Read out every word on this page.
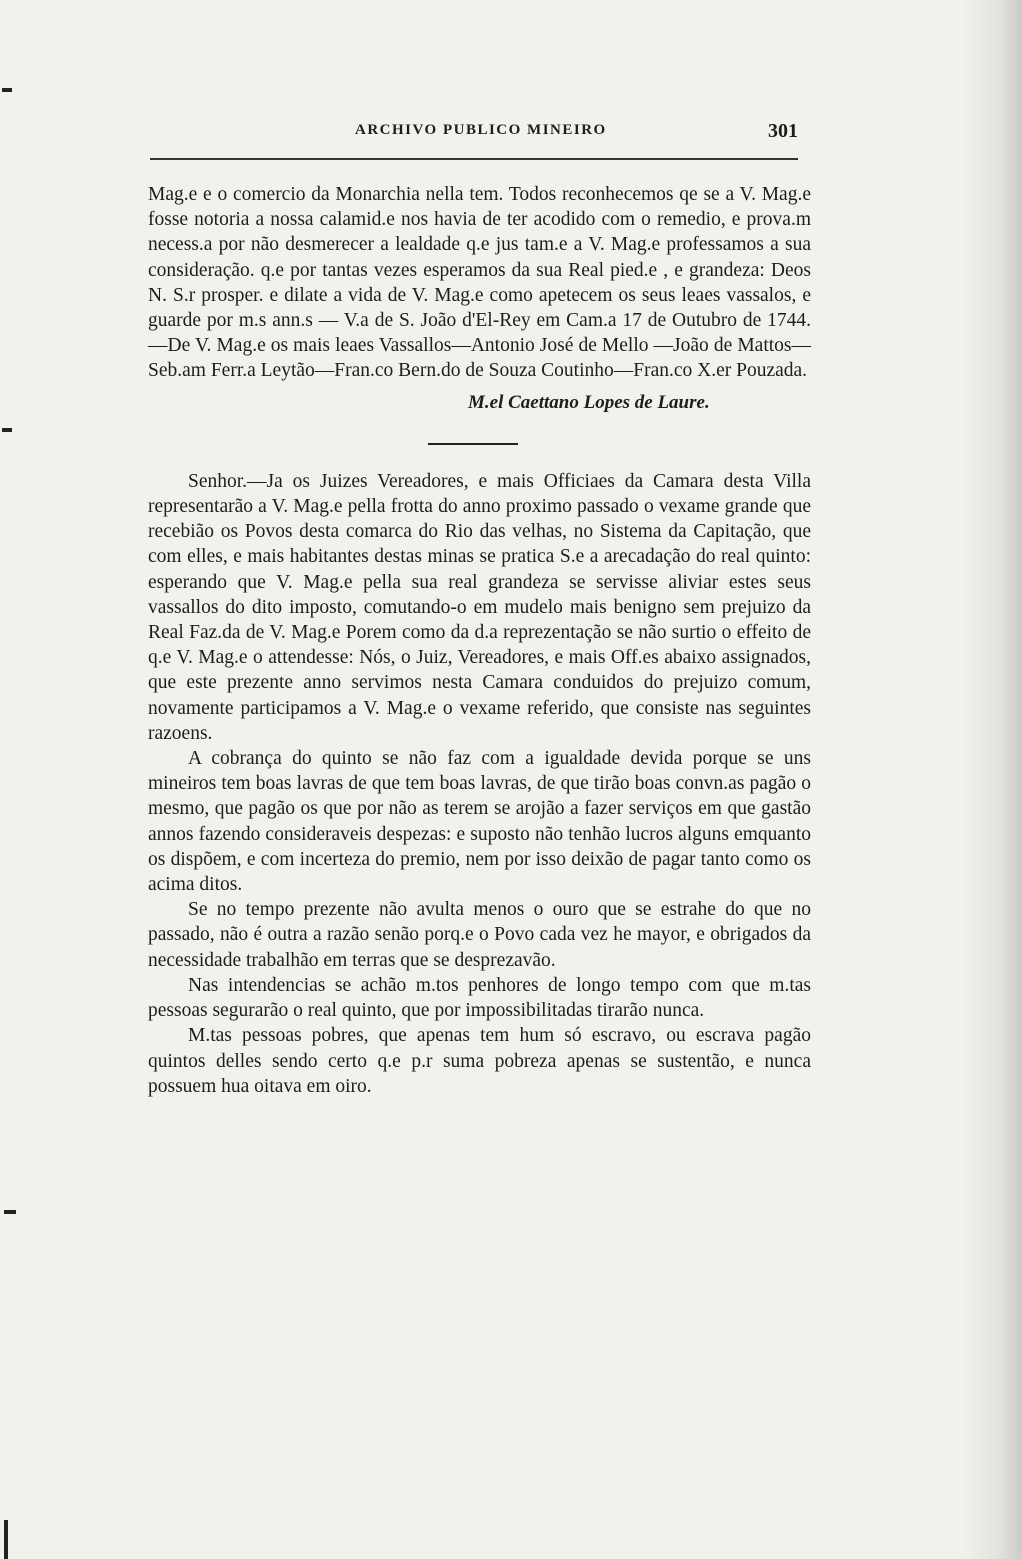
ARCHIVO PUBLICO MINEIRO	301

Mag.e e o comercio da Monarchia nella tem. Todos reconhecemos qe se a V. Mag.e fosse notoria a nossa calamid.e nos havia de ter acodido com o remedio, e prova.m necess.a por não desmerecer a lealdade q.e jus tam.e a V. Mag.e professamos a sua consideração. q.e por tantas vezes esperamos da sua Real pied.e , e grandeza: Deos N. S.r prosper. e dilate a vida de V. Mag.e como apetecem os seus leaes vassalos, e guarde por m.s ann.s — V.a de S. João d'El-Rey em Cam.a 17 de Outubro de 1744.—De V. Mag.e os mais leaes Vassallos—Antonio José de Mello —João de Mattos—Seb.am Ferr.a Leytão—Fran.co Bern.do de Souza Coutinho—Fran.co X.er Pouzada.

M.el Caettano Lopes de Laure.

Senhor.—Ja os Juizes Vereadores, e mais Officiaes da Camara desta Villa representarão a V. Mag.e pella frotta do anno proximo passado o vexame grande que recebião os Povos desta comarca do Rio das velhas, no Sistema da Capitação, que com elles, e mais habitantes destas minas se pratica S.e a arecadação do real quinto: esperando que V. Mag.e pella sua real grandeza se servisse aliviar estes seus vassallos do dito imposto, comutando-o em mudelo mais benigno sem prejuizo da Real Faz.da de V. Mag.e Porem como da d.a reprezentação se não surtio o effeito de q.e V. Mag.e o attendesse: Nós, o Juiz, Vereadores, e mais Off.es abaixo assignados, que este prezente anno servimos nesta Camara conduidos do prejuizo comum, novamente participamos a V. Mag.e o vexame referido, que consiste nas seguintes razoens.

A cobrança do quinto se não faz com a igualdade devida porque se uns mineiros tem boas lavras de que tem boas lavras, de que tirão boas convn.as pagão o mesmo, que pagão os que por não as terem se arojão a fazer serviços em que gastão annos fazendo consideraveis despezas: e suposto não tenhão lucros alguns emquanto os dispõem, e com incerteza do premio, nem por isso deixão de pagar tanto como os acima ditos.

Se no tempo prezente não avulta menos o ouro que se estrahe do que no passado, não é outra a razão senão porq.e o Povo cada vez he mayor, e obrigados da necessidade trabalhão em terras que se desprezavão.

Nas intendencias se achão m.tos penhores de longo tempo com que m.tas pessoas segurarão o real quinto, que por impossibilitadas tirarão nunca.

M.tas pessoas pobres, que apenas tem hum só escravo, ou escrava pagão quintos delles sendo certo q.e p.r suma pobreza apenas se sustentão, e nunca possuem hua oitava em oiro.
